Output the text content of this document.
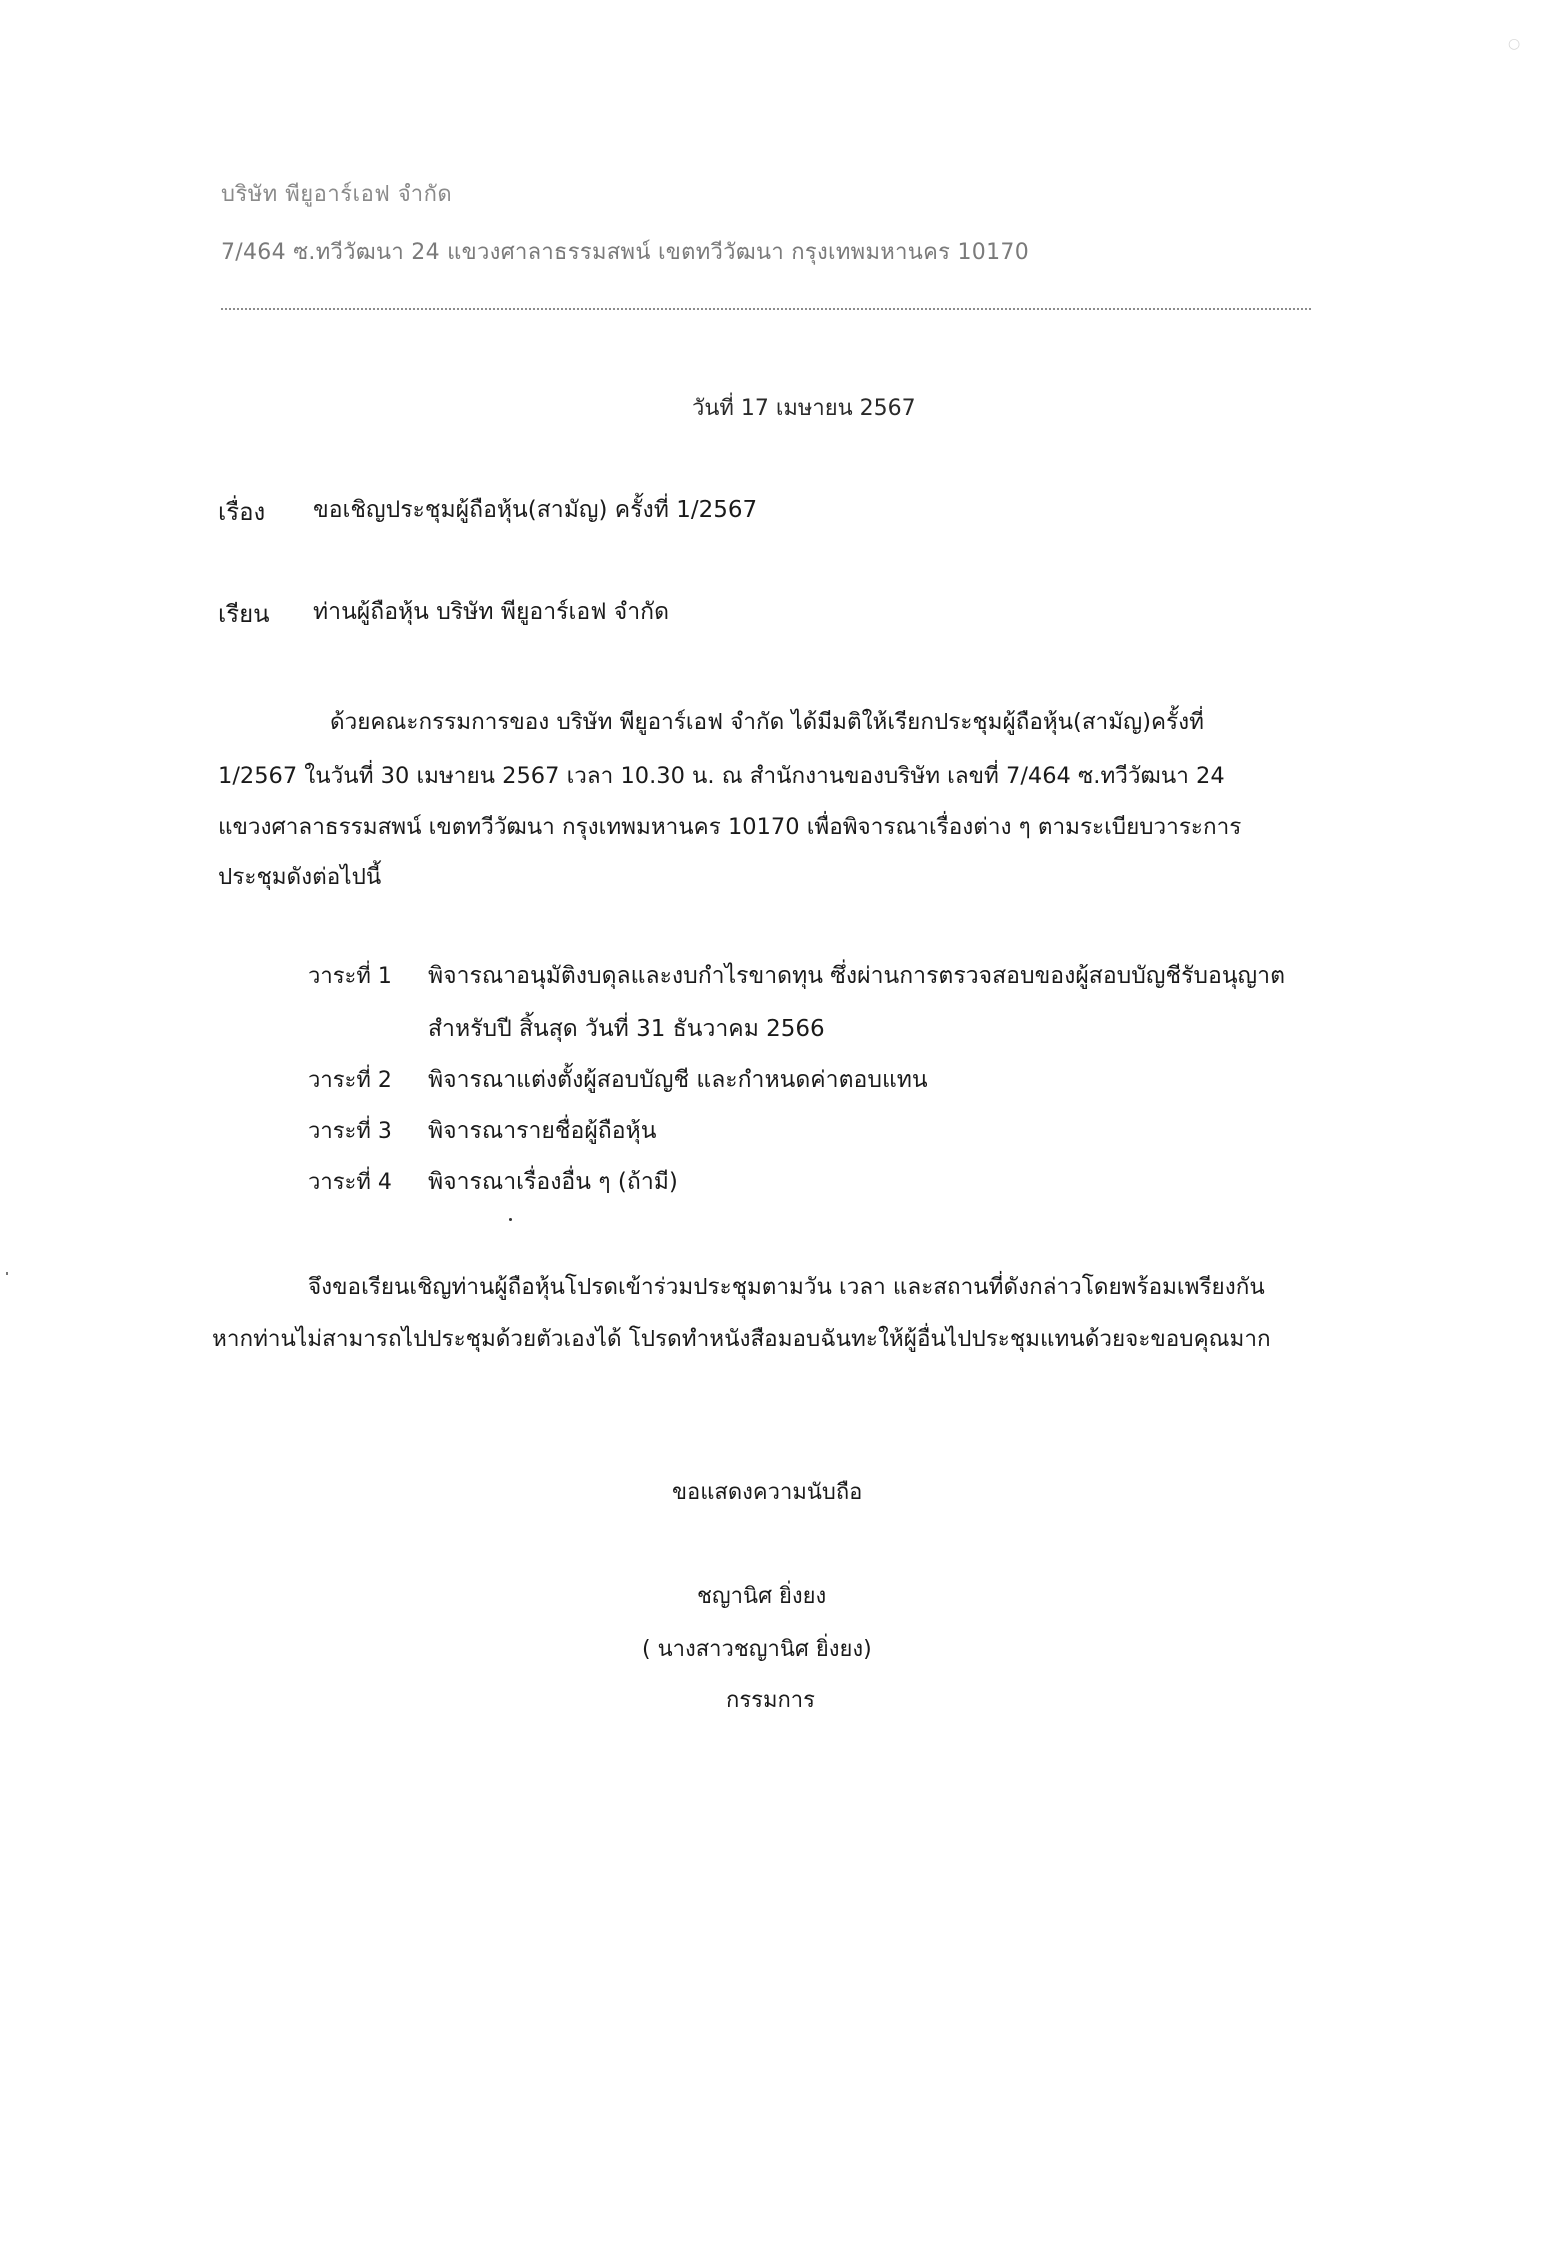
○
บริษัท พียูอาร์เอฟ จำกัด
7/464 ซ.ทวีวัฒนา 24 แขวงศาลาธรรมสพน์ เขตทวีวัฒนา กรุงเทพมหานคร 10170
วันที่ 17 เมษายน 2567
เรื่อง ขอเชิญประชุมผู้ถือหุ้น(สามัญ) ครั้งที่ 1/2567
เรียน ท่านผู้ถือหุ้น บริษัท พียูอาร์เอฟ จำกัด
ด้วยคณะกรรมการของ บริษัท พียูอาร์เอฟ จำกัด ได้มีมติให้เรียกประชุมผู้ถือหุ้น(สามัญ)ครั้งที่
1/2567 ในวันที่ 30 เมษายน 2567 เวลา 10.30 น. ณ สำนักงานของบริษัท เลขที่ 7/464 ซ.ทวีวัฒนา 24
แขวงศาลาธรรมสพน์ เขตทวีวัฒนา กรุงเทพมหานคร 10170 เพื่อพิจารณาเรื่องต่าง ๆ ตามระเบียบวาระการ
ประชุมดังต่อไปนี้
วาระที่ 1 พิจารณาอนุมัติงบดุลและงบกำไรขาดทุน ซึ่งผ่านการตรวจสอบของผู้สอบบัญชีรับอนุญาต
สำหรับปี สิ้นสุด วันที่ 31 ธันวาคม 2566
วาระที่ 2 พิจารณาแต่งตั้งผู้สอบบัญชี และกำหนดค่าตอบแทน
วาระที่ 3 พิจารณารายชื่อผู้ถือหุ้น
วาระที่ 4 พิจารณาเรื่องอื่น ๆ (ถ้ามี)
จึงขอเรียนเชิญท่านผู้ถือหุ้นโปรดเข้าร่วมประชุมตามวัน เวลา และสถานที่ดังกล่าวโดยพร้อมเพรียงกัน
หากท่านไม่สามารถไปประชุมด้วยตัวเองได้ โปรดทำหนังสือมอบฉันทะให้ผู้อื่นไปประชุมแทนด้วยจะขอบคุณมาก
ขอแสดงความนับถือ
ชญานิศ ยิ่งยง
( นางสาวชญานิศ ยิ่งยง)
กรรมการ
